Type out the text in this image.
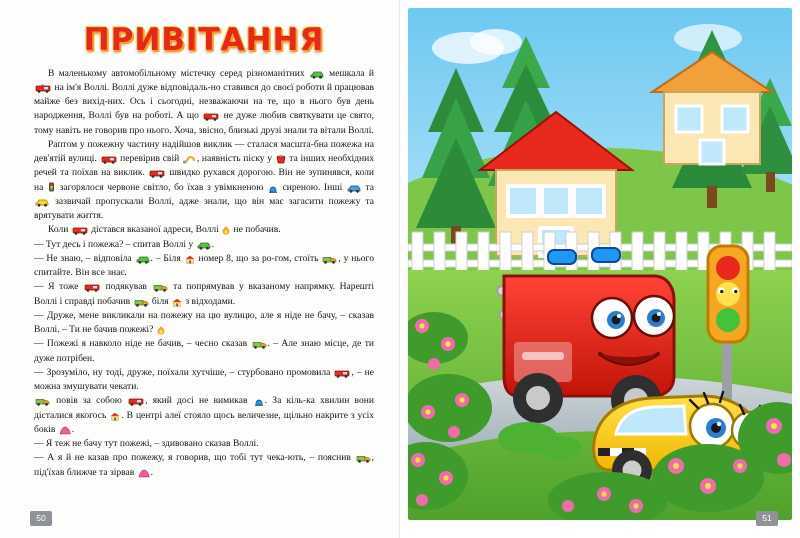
ПРИВІТАННЯ

В маленькому автомобільному містечку серед різноманітних
мешкала й
на ім'я Воллі. Воллі дуже відповідаль-но ставився до своєї роботи й працював майже без вихід-них. Ось і сьогодні, незважаючи на те, що в нього був день народження, Воллі був на роботі. А що
не дуже любив святкувати це свято, тому навіть не говорив про нього. Хоча, звісно, близькі друзі знали та вітали Воллі.

Раптом у пожежну частину надійшов виклик — сталася масшта-бна пожежа на дев'ятій вулиці.
перевірив свій
, наявність піску у
та інших необхідних речей та поїхав на виклик.
швидко рухався дорогою. Він не зупинявся, коли на
загорялося червоне світло, бо їхав з увімкненою
сиреною. Інші
та
зазвичай пропускали Воллі, адже знали, що він має загасити пожежу та врятувати життя.

Коли
дістався вказаної адреси, Воллі
не побачив.

— Тут десь і пожежа? – спитав Воллі у
.

— Не знаю, – відповіла
. – Біля
номер 8, що за ро-гом, стоїть
, у нього спитайте. Він все знає.

— Я тоже
подякував
та попрямував у вказаному напрямку. Нарешті Воллі і справді побачив
біля
з відходами.

— Друже, мене викликали на пожежу на цю вулицю, але я ніде не бачу, – сказав Воллі. – Ти не бачив пожежі?

— Пожежі я навколо ніде не бачив, – чесно сказав
. – Але знаю місце, де ти дуже потрібен.

— Зрозуміло, ну тоді, друже, поїхали хутчіше, – стурбовано промовила
, – не можна змушувати чекати.

повів за собою
, який досі не вимикав
. За кіль-ка хвилин вони дісталися якогось
. В центрі алеї стояло щось величезне, щільно накрите з усіх боків
.

— Я теж не бачу тут пожежі, – здивовано сказав Воллі.

— А я й не казав про пожежу, я говорив, що тобі тут чека-ють, – пояснив
, під'їхав ближче та зірвав
.

50	51
